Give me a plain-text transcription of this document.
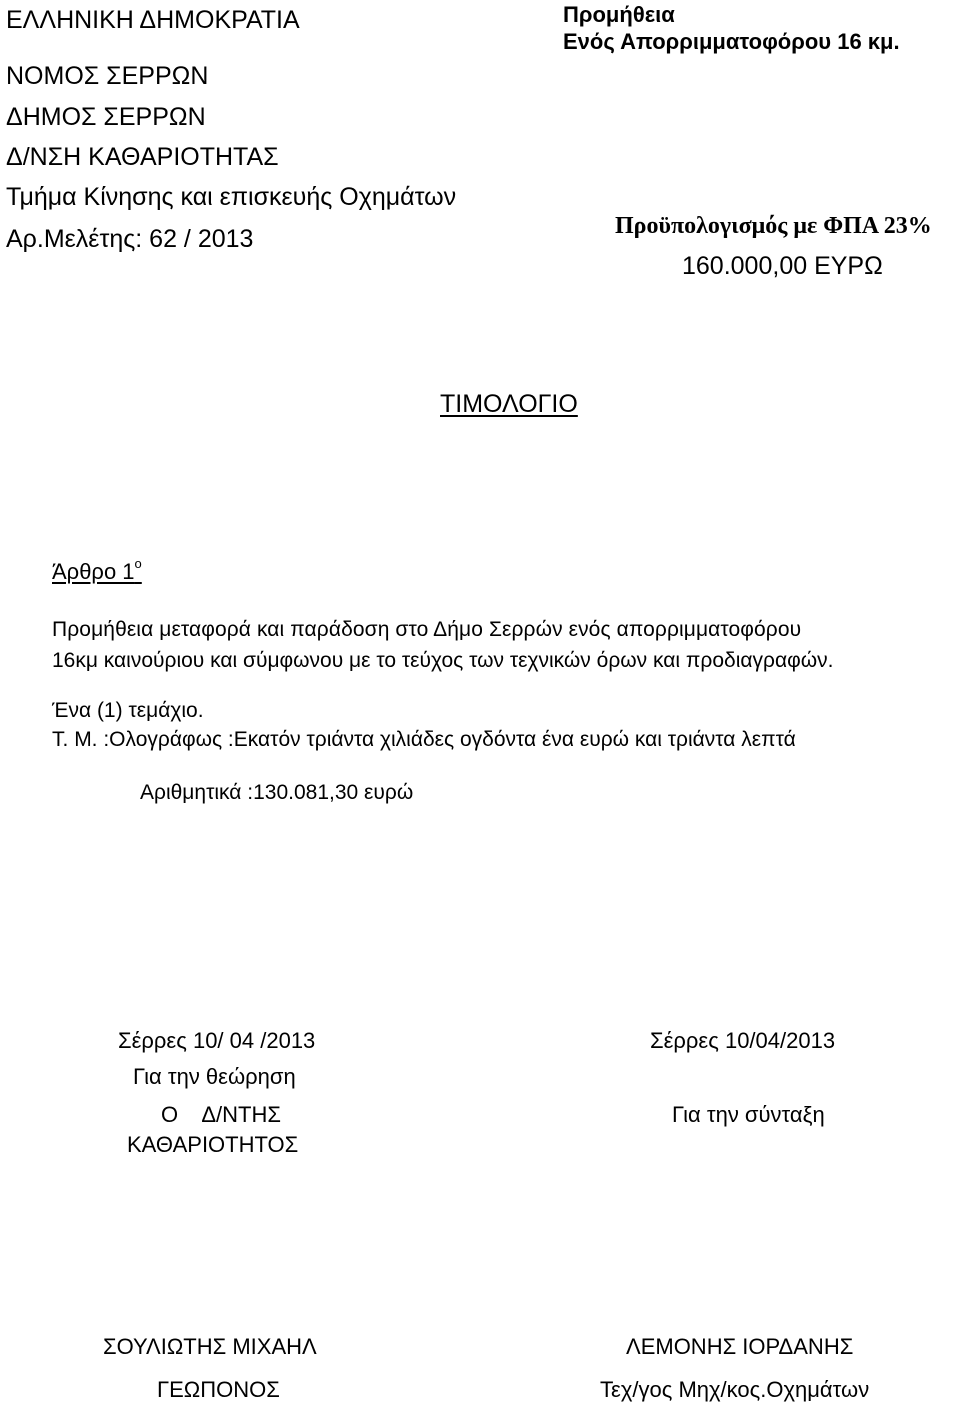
ΕΛΛΗΝΙΚΗ ΔΗΜΟΚΡΑΤΙΑ
ΝΟΜΟΣ ΣΕΡΡΩΝ
ΔΗΜΟΣ ΣΕΡΡΩΝ
Δ/ΝΣΗ ΚΑΘΑΡΙΟΤΗΤΑΣ
Τμήμα Κίνησης και επισκευής Οχημάτων
Αρ.Μελέτης: 62 / 2013
Προμήθεια
Ενός Απορριμματοφόρου 16 κμ.
Προϋπολογισμός με ΦΠΑ 23%
160.000,00 ΕΥΡΩ
ΤΙΜΟΛΟΓΙΟ
Άρθρο $1^o$
Προμήθεια μεταφορά και παράδοση στο Δήμο Σερρών ενός απορριμματοφόρου
16κμ καινούριου και σύμφωνου με το τεύχος των τεχνικών όρων και προδιαγραφών.
Ένα (1) τεμάχιο.
Τ. Μ. :Ολογράφως :Εκατόν τριάντα χιλιάδες ογδόντα ένα ευρώ και τριάντα λεπτά
Αριθμητικά :130.081,30 ευρώ
Σέρρες 10/ 04 /2013
Για την θεώρηση
Ο    Δ/ΝΤΗΣ
ΚΑΘΑΡΙΟΤΗΤΟΣ
ΣΟΥΛΙΩΤΗΣ ΜΙΧΑΗΛ
ΓΕΩΠΟΝΟΣ
Σέρρες 10/04/2013
Για την σύνταξη
ΛΕΜΟΝΗΣ ΙΟΡΔΑΝΗΣ
Τεχ/γος Μηχ/κος.Οχημάτων
